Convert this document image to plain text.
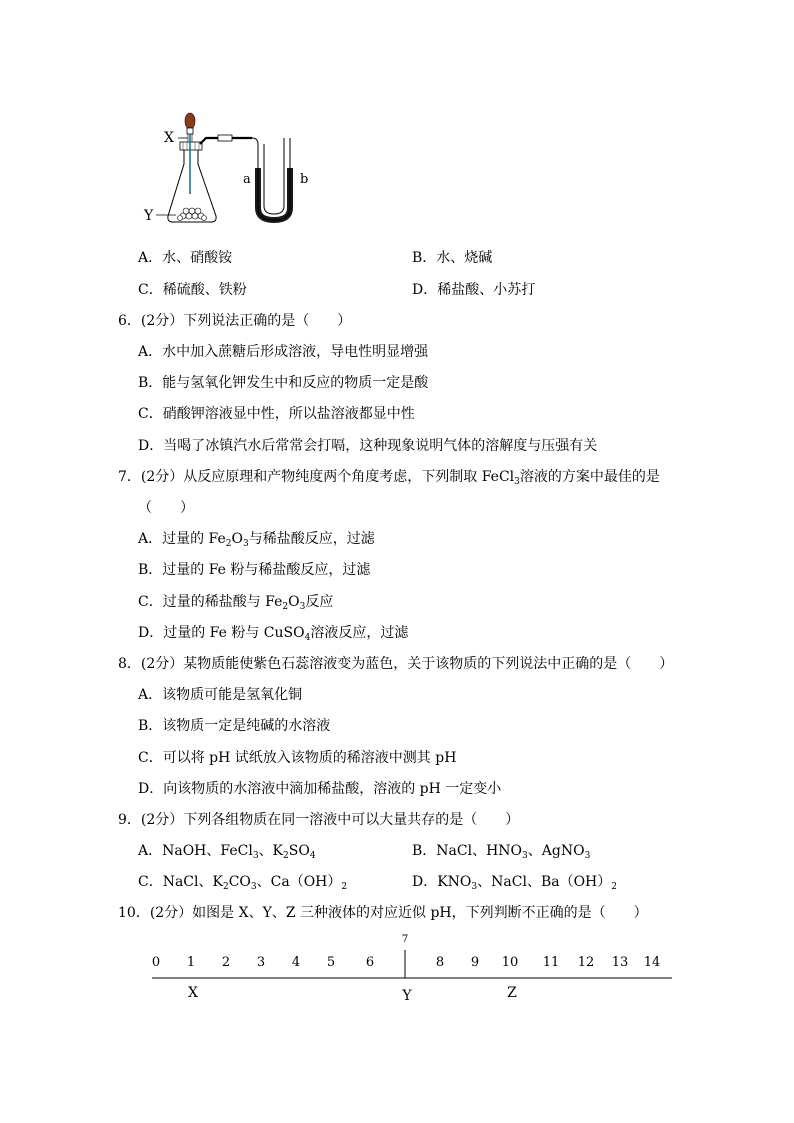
X
Y
a	b
A．水、硝酸铵	B．水、烧碱
C．稀硫酸、铁粉	D．稀盐酸、小苏打
6．(2分）下列说法正确的是（　　）
A．水中加入蔗糖后形成溶液，导电性明显增强
B．能与氢氧化钾发生中和反应的物质一定是酸
C．硝酸钾溶液显中性，所以盐溶液都显中性
D．当喝了冰镇汽水后常常会打嗝，这种现象说明气体的溶解度与压强有关
7．(2分）从反应原理和产物纯度两个角度考虑，下列制取 FeCl$_3$溶液的方案中最佳的是
（　　）
A．过量的 $Fe_2O_3$与稀盐酸反应，过滤
B．过量的 Fe 粉与稀盐酸反应，过滤
C．过量的稀盐酸与 $Fe_2O_3$反应
D．过量的 Fe 粉与 CuSO$_4$溶液反应，过滤
8．(2分）某物质能使紫色石蕊溶液变为蓝色，关于该物质的下列说法中正确的是（　　）
A．该物质可能是氢氧化铜
B．该物质一定是纯碱的水溶液
C．可以将 pH 试纸放入该物质的稀溶液中测其 pH
D．向该物质的水溶液中滴加稀盐酸，溶液的 pH 一定变小
9．(2分）下列各组物质在同一溶液中可以大量共存的是（　　）
A．NaOH、FeCl$_3$、$K_2SO_4$	B．NaCl、$HNO_3$、AgNO$_3$
C．NaCl、$K_2CO_3$、$Ca(OH)_2$	D．$KNO_3$、NaCl、$Ba(OH)_2$
10．(2分）如图是 X、Y、Z 三种液体的对应近似 pH，下列判断不正确的是（　　）
0 1 2 3 4 5 6
7
8 9 10 11 12 13 14
X	Y	Z
